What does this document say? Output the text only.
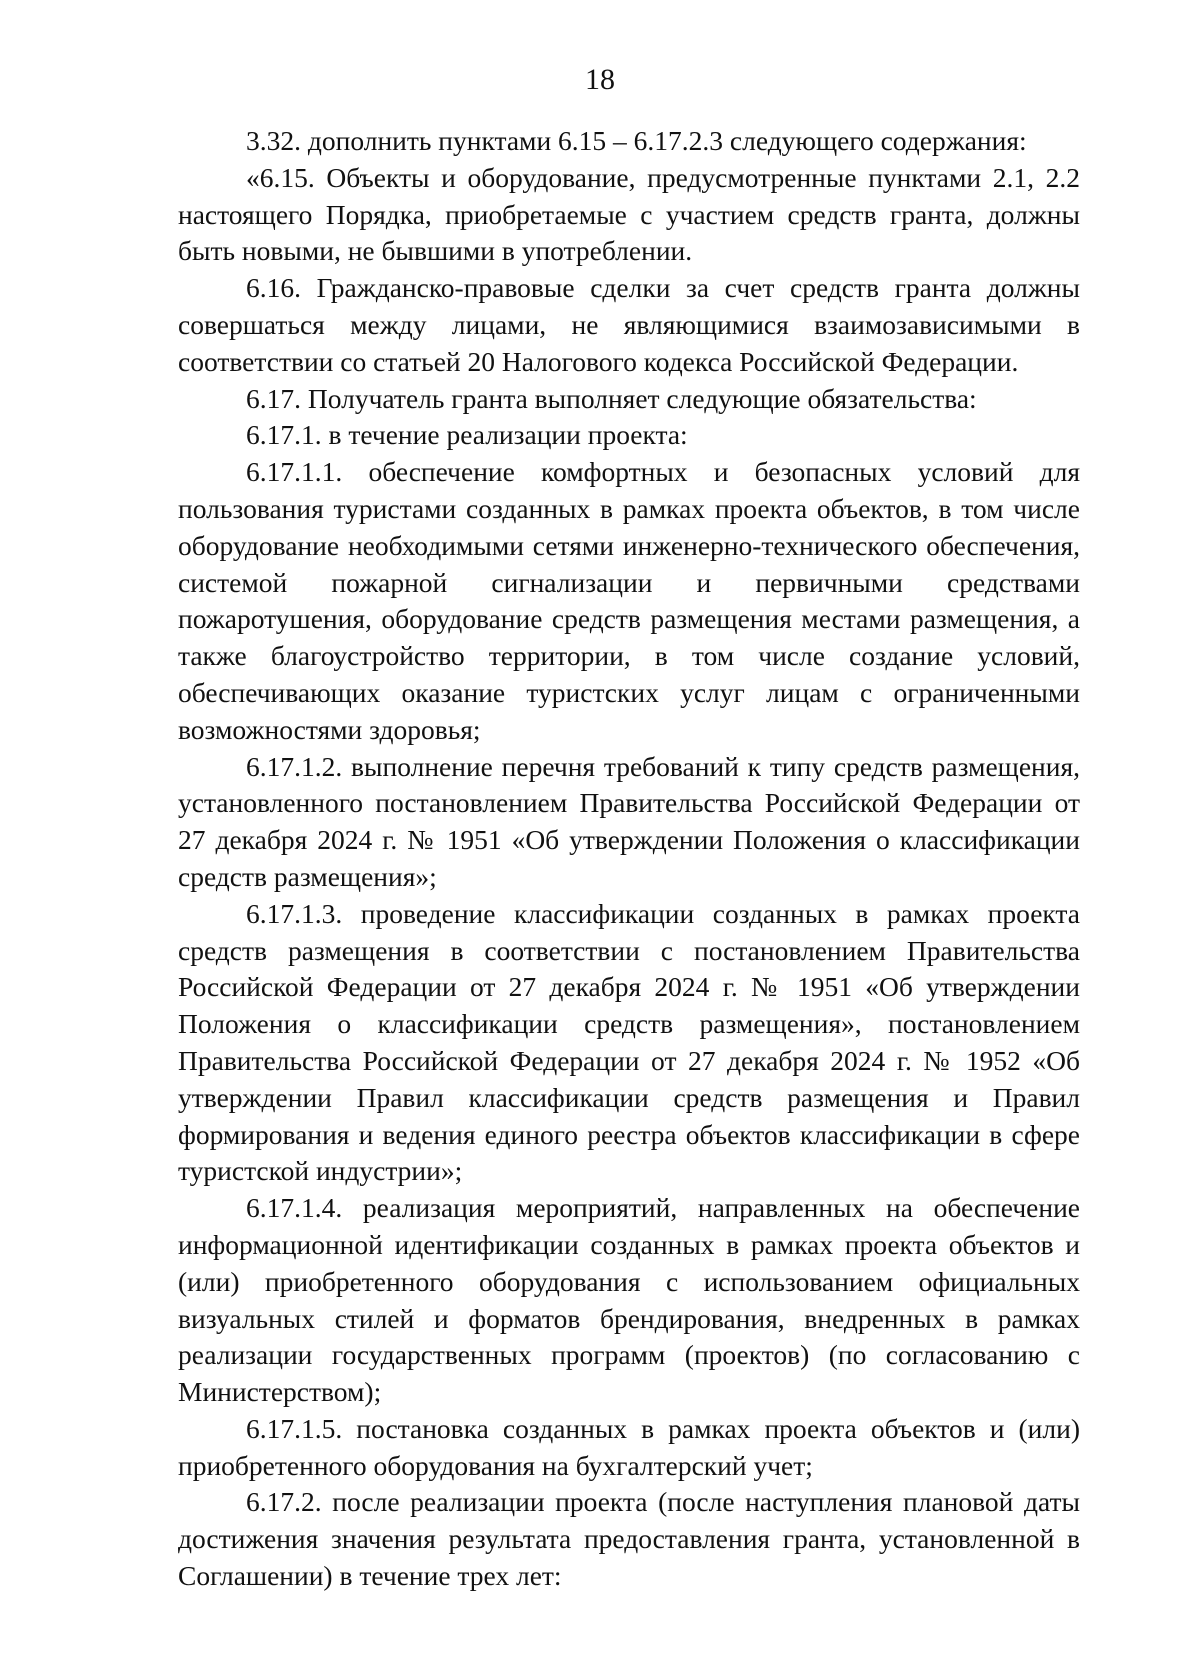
18

3.32. дополнить пунктами 6.15 – 6.17.2.3 следующего содержания:

«6.15. Объекты и оборудование, предусмотренные пунктами 2.1, 2.2 настоящего Порядка, приобретаемые с участием средств гранта, должны быть новыми, не бывшими в употреблении.

6.16. Гражданско-правовые сделки за счет средств гранта должны совершаться между лицами, не являющимися взаимозависимыми в соответствии со статьей 20 Налогового кодекса Российской Федерации.

6.17. Получатель гранта выполняет следующие обязательства:

6.17.1. в течение реализации проекта:

6.17.1.1. обеспечение комфортных и безопасных условий для пользования туристами созданных в рамках проекта объектов, в том числе оборудование необходимыми сетями инженерно-технического обеспечения, системой пожарной сигнализации и первичными средствами пожаротушения, оборудование средств размещения местами размещения, а также благоустройство территории, в том числе создание условий, обеспечивающих оказание туристских услуг лицам с ограниченными возможностями здоровья;

6.17.1.2. выполнение перечня требований к типу средств размещения, установленного постановлением Правительства Российской Федерации от 27 декабря 2024 г. № 1951 «Об утверждении Положения о классификации средств размещения»;

6.17.1.3. проведение классификации созданных в рамках проекта средств размещения в соответствии с постановлением Правительства Российской Федерации от 27 декабря 2024 г. № 1951 «Об утверждении Положения о классификации средств размещения», постановлением Правительства Российской Федерации от 27 декабря 2024 г. № 1952 «Об утверждении Правил классификации средств размещения и Правил формирования и ведения единого реестра объектов классификации в сфере туристской индустрии»;

6.17.1.4. реализация мероприятий, направленных на обеспечение информационной идентификации созданных в рамках проекта объектов и (или) приобретенного оборудования с использованием официальных визуальных стилей и форматов брендирования, внедренных в рамках реализации государственных программ (проектов) (по согласованию с Министерством);

6.17.1.5. постановка созданных в рамках проекта объектов и (или) приобретенного оборудования на бухгалтерский учет;

6.17.2. после реализации проекта (после наступления плановой даты достижения значения результата предоставления гранта, установленной в Соглашении) в течение трех лет:
